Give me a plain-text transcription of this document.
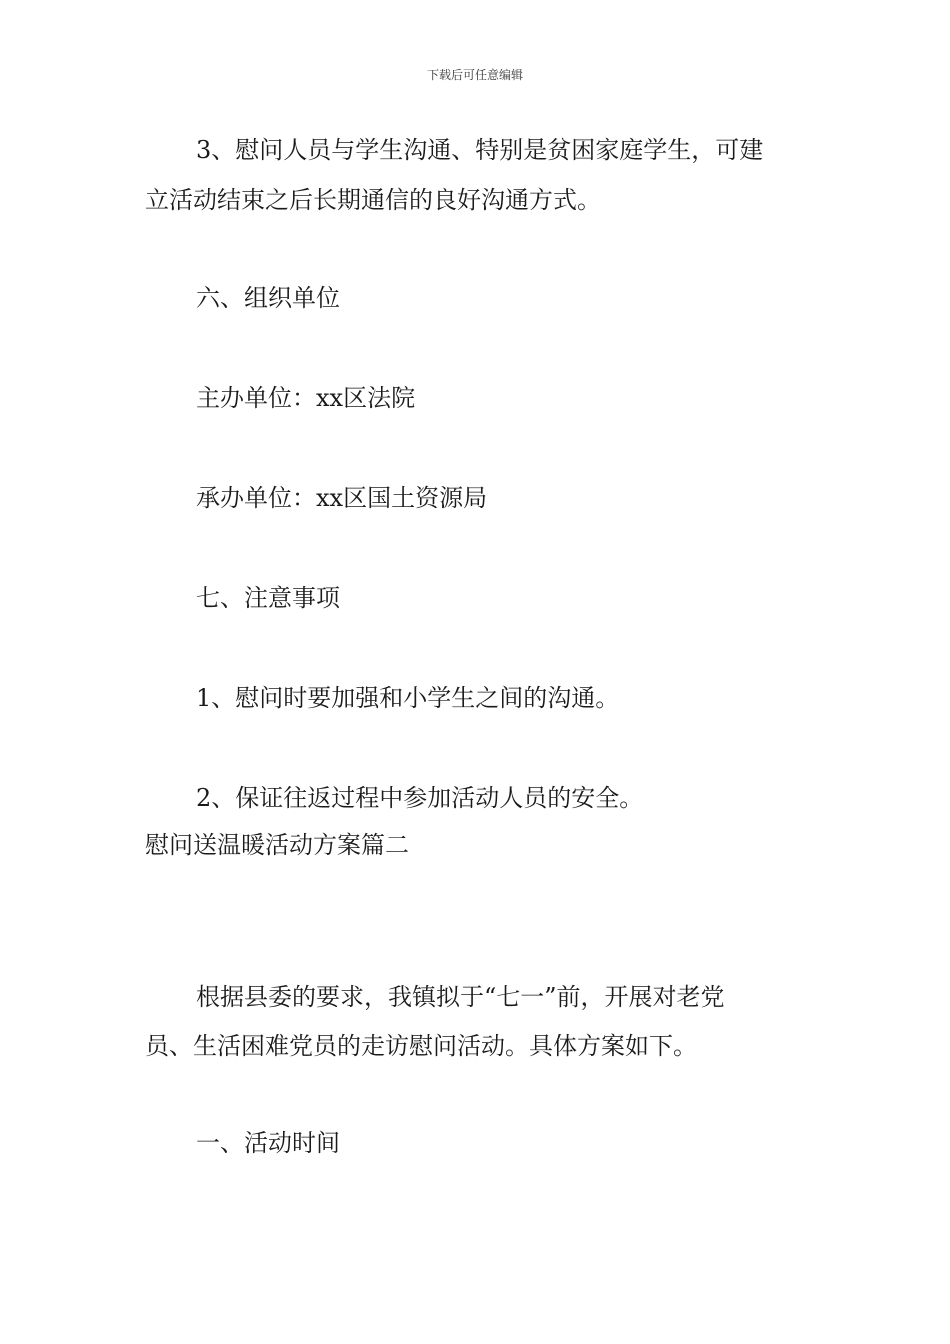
下载后可任意编辑

3、慰问人员与学生沟通、特别是贫困家庭学生，可建

立活动结束之后长期通信的良好沟通方式。

六、组织单位

主办单位：xx区法院

承办单位：xx区国土资源局

七、注意事项

1、慰问时要加强和小学生之间的沟通。

2、保证往返过程中参加活动人员的安全。

慰问送温暖活动方案篇二

根据县委的要求，我镇拟于“七一”前，开展对老党

员、生活困难党员的走访慰问活动。具体方案如下。

一、活动时间
